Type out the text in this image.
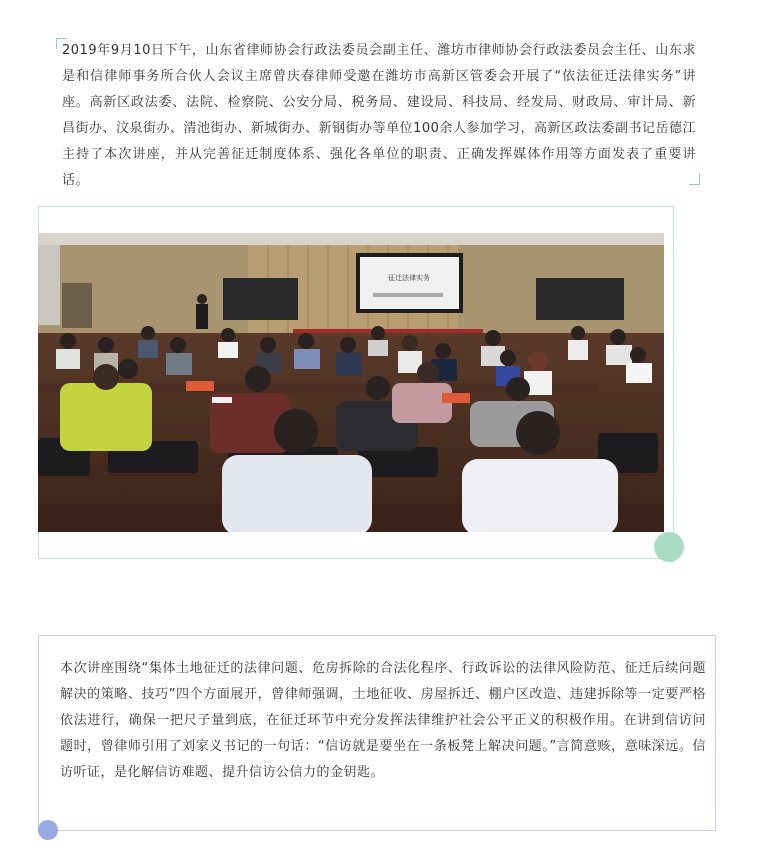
2019年9月10日下午，山东省律师协会行政法委员会副主任、潍坊市律师协会行政法委员会主任、山东求是和信律师事务所合伙人会议主席曾庆春律师受邀在潍坊市高新区管委会开展了“依法征迁法律实务”讲座。高新区政法委、法院、检察院、公安分局、税务局、建设局、科技局、经发局、财政局、审计局、新昌街办、汶泉街办、清池街办、新城街办、新钢街办等单位100余人参加学习，高新区政法委副书记岳德江主持了本次讲座，并从完善征迁制度体系、强化各单位的职责、正确发挥媒体作用等方面发表了重要讲话。

征迁法律实务

本次讲座围绕“集体土地征迁的法律问题、危房拆除的合法化程序、行政诉讼的法律风险防范、征迁后续问题解决的策略、技巧”四个方面展开，曾律师强调，土地征收、房屋拆迁、棚户区改造、违建拆除等一定要严格依法进行，确保一把尺子量到底，在征迁环节中充分发挥法律维护社会公平正义的积极作用。在讲到信访问题时，曾律师引用了刘家义书记的一句话：“信访就是要坐在一条板凳上解决问题。”言简意赅，意味深远。信访听证，是化解信访难题、提升信访公信力的金钥匙。
